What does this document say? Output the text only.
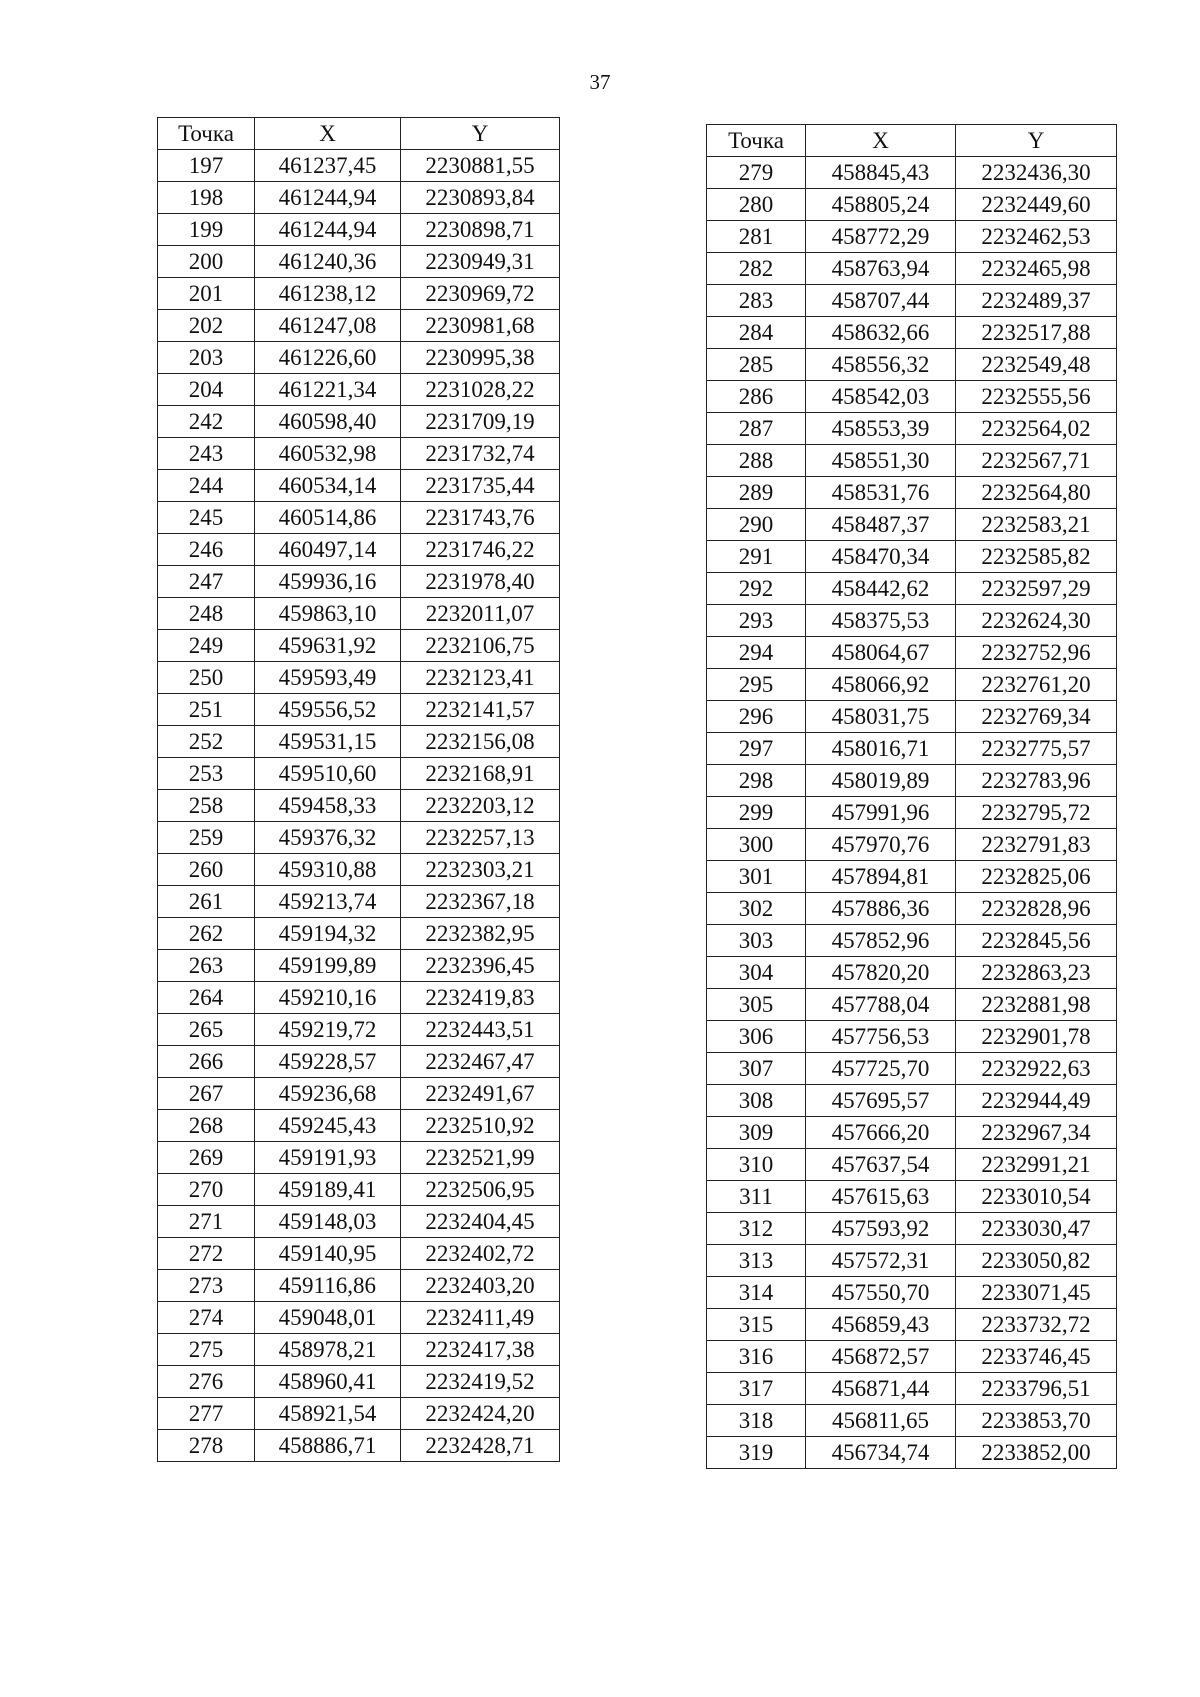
37
Точка	X	Y
197	461237,45	2230881,55
198	461244,94	2230893,84
199	461244,94	2230898,71
200	461240,36	2230949,31
201	461238,12	2230969,72
202	461247,08	2230981,68
203	461226,60	2230995,38
204	461221,34	2231028,22
242	460598,40	2231709,19
243	460532,98	2231732,74
244	460534,14	2231735,44
245	460514,86	2231743,76
246	460497,14	2231746,22
247	459936,16	2231978,40
248	459863,10	2232011,07
249	459631,92	2232106,75
250	459593,49	2232123,41
251	459556,52	2232141,57
252	459531,15	2232156,08
253	459510,60	2232168,91
258	459458,33	2232203,12
259	459376,32	2232257,13
260	459310,88	2232303,21
261	459213,74	2232367,18
262	459194,32	2232382,95
263	459199,89	2232396,45
264	459210,16	2232419,83
265	459219,72	2232443,51
266	459228,57	2232467,47
267	459236,68	2232491,67
268	459245,43	2232510,92
269	459191,93	2232521,99
270	459189,41	2232506,95
271	459148,03	2232404,45
272	459140,95	2232402,72
273	459116,86	2232403,20
274	459048,01	2232411,49
275	458978,21	2232417,38
276	458960,41	2232419,52
277	458921,54	2232424,20
278	458886,71	2232428,71
Точка	X	Y
279	458845,43	2232436,30
280	458805,24	2232449,60
281	458772,29	2232462,53
282	458763,94	2232465,98
283	458707,44	2232489,37
284	458632,66	2232517,88
285	458556,32	2232549,48
286	458542,03	2232555,56
287	458553,39	2232564,02
288	458551,30	2232567,71
289	458531,76	2232564,80
290	458487,37	2232583,21
291	458470,34	2232585,82
292	458442,62	2232597,29
293	458375,53	2232624,30
294	458064,67	2232752,96
295	458066,92	2232761,20
296	458031,75	2232769,34
297	458016,71	2232775,57
298	458019,89	2232783,96
299	457991,96	2232795,72
300	457970,76	2232791,83
301	457894,81	2232825,06
302	457886,36	2232828,96
303	457852,96	2232845,56
304	457820,20	2232863,23
305	457788,04	2232881,98
306	457756,53	2232901,78
307	457725,70	2232922,63
308	457695,57	2232944,49
309	457666,20	2232967,34
310	457637,54	2232991,21
311	457615,63	2233010,54
312	457593,92	2233030,47
313	457572,31	2233050,82
314	457550,70	2233071,45
315	456859,43	2233732,72
316	456872,57	2233746,45
317	456871,44	2233796,51
318	456811,65	2233853,70
319	456734,74	2233852,00
